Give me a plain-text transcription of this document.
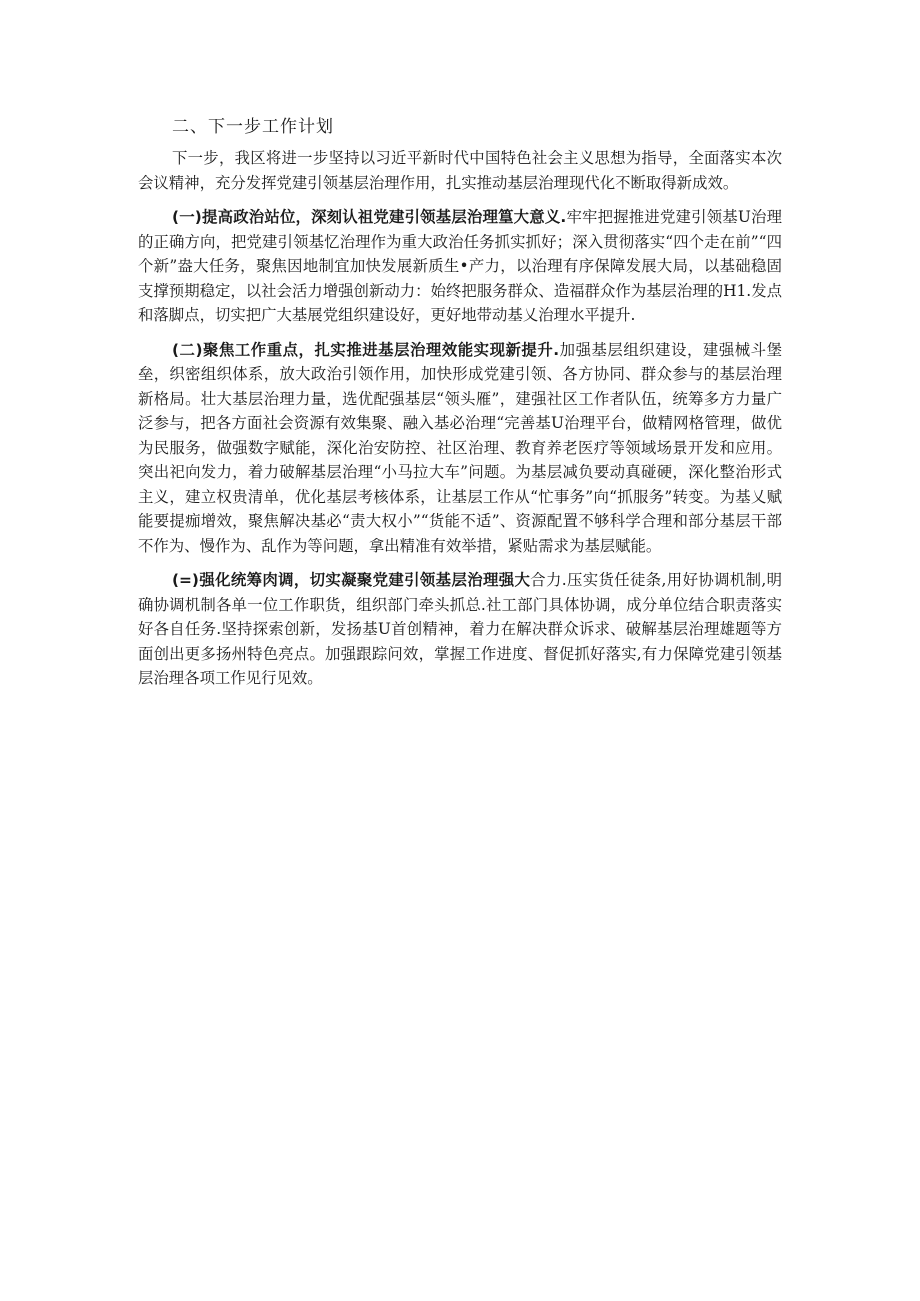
二、下一步工作计划

下一步，我区将进一步坚持以习近平新时代中国特色社会主义思想为指导，全面落实本次会议精神，充分发挥党建引领基层治理作用，扎实推动基层治理现代化不断取得新成效。

(一)提高政治站位，深刻认祖党建引领基层治理篁大意义.牢牢把握推进党建引领基U治理的正确方向，把党建引领基忆治理作为重大政治任务抓实抓好；深入贯彻落实“四个走在前”“四个新”盎大任务，聚焦因地制宜加快发展新质生•产力，以治理有序保障发展大局，以基础稳固支撑预期稳定，以社会活力增强创新动力：始终把服务群众、造福群众作为基层治理的H1.发点和落脚点，切实把广大基展党组织建设好，更好地带动基乂治理水平提升.

(二)聚焦工作重点，扎实推进基层治理效能实现新提升.加强基层组织建设，建强械斗堡垒，织密组织体系，放大政治引领作用，加快形成党建引领、各方协同、群众参与的基层治理新格局。壮大基层治理力量，选优配强基层“领头雁”，建强社区工作者队伍，统筹多方力量广泛参与，把各方面社会资源有效集聚、融入基必治理“完善基U治理平台，做精网格管理，做优为民服务，做强数字赋能，深化治安防控、社区治理、教育养老医疗等领域场景开发和应用。突出祀向发力，着力破解基层治理“小马拉大车”问题。为基层减负要动真碰硬，深化整治形式主义，建立权贵清单，优化基层考核体系，让基层工作从“忙事务”向“抓服务”转变。为基乂赋能要提痂增效，聚焦解决基必“责大权小”“货能不适”、资源配置不够科学合理和部分基层干部不作为、慢作为、乱作为等问题，拿出精准有效举措，紧贴需求为基层赋能。

(=)强化统筹肉调，切实凝聚党建引领基层治理强大合力.压实货任徒条,用好协调机制,明确协调机制各单一位工作职货，组织部门牵头抓总.社工部门具体协调，成分单位结合职责落实好各自任务.坚持探索创新，发扬基U首创精神，着力在解决群众诉求、破解基层治理雄题等方面创出更多扬州特色亮点。加强跟踪问效，掌握工作进度、督促抓好落实,有力保障党建引领基层治理各项工作见行见效。
